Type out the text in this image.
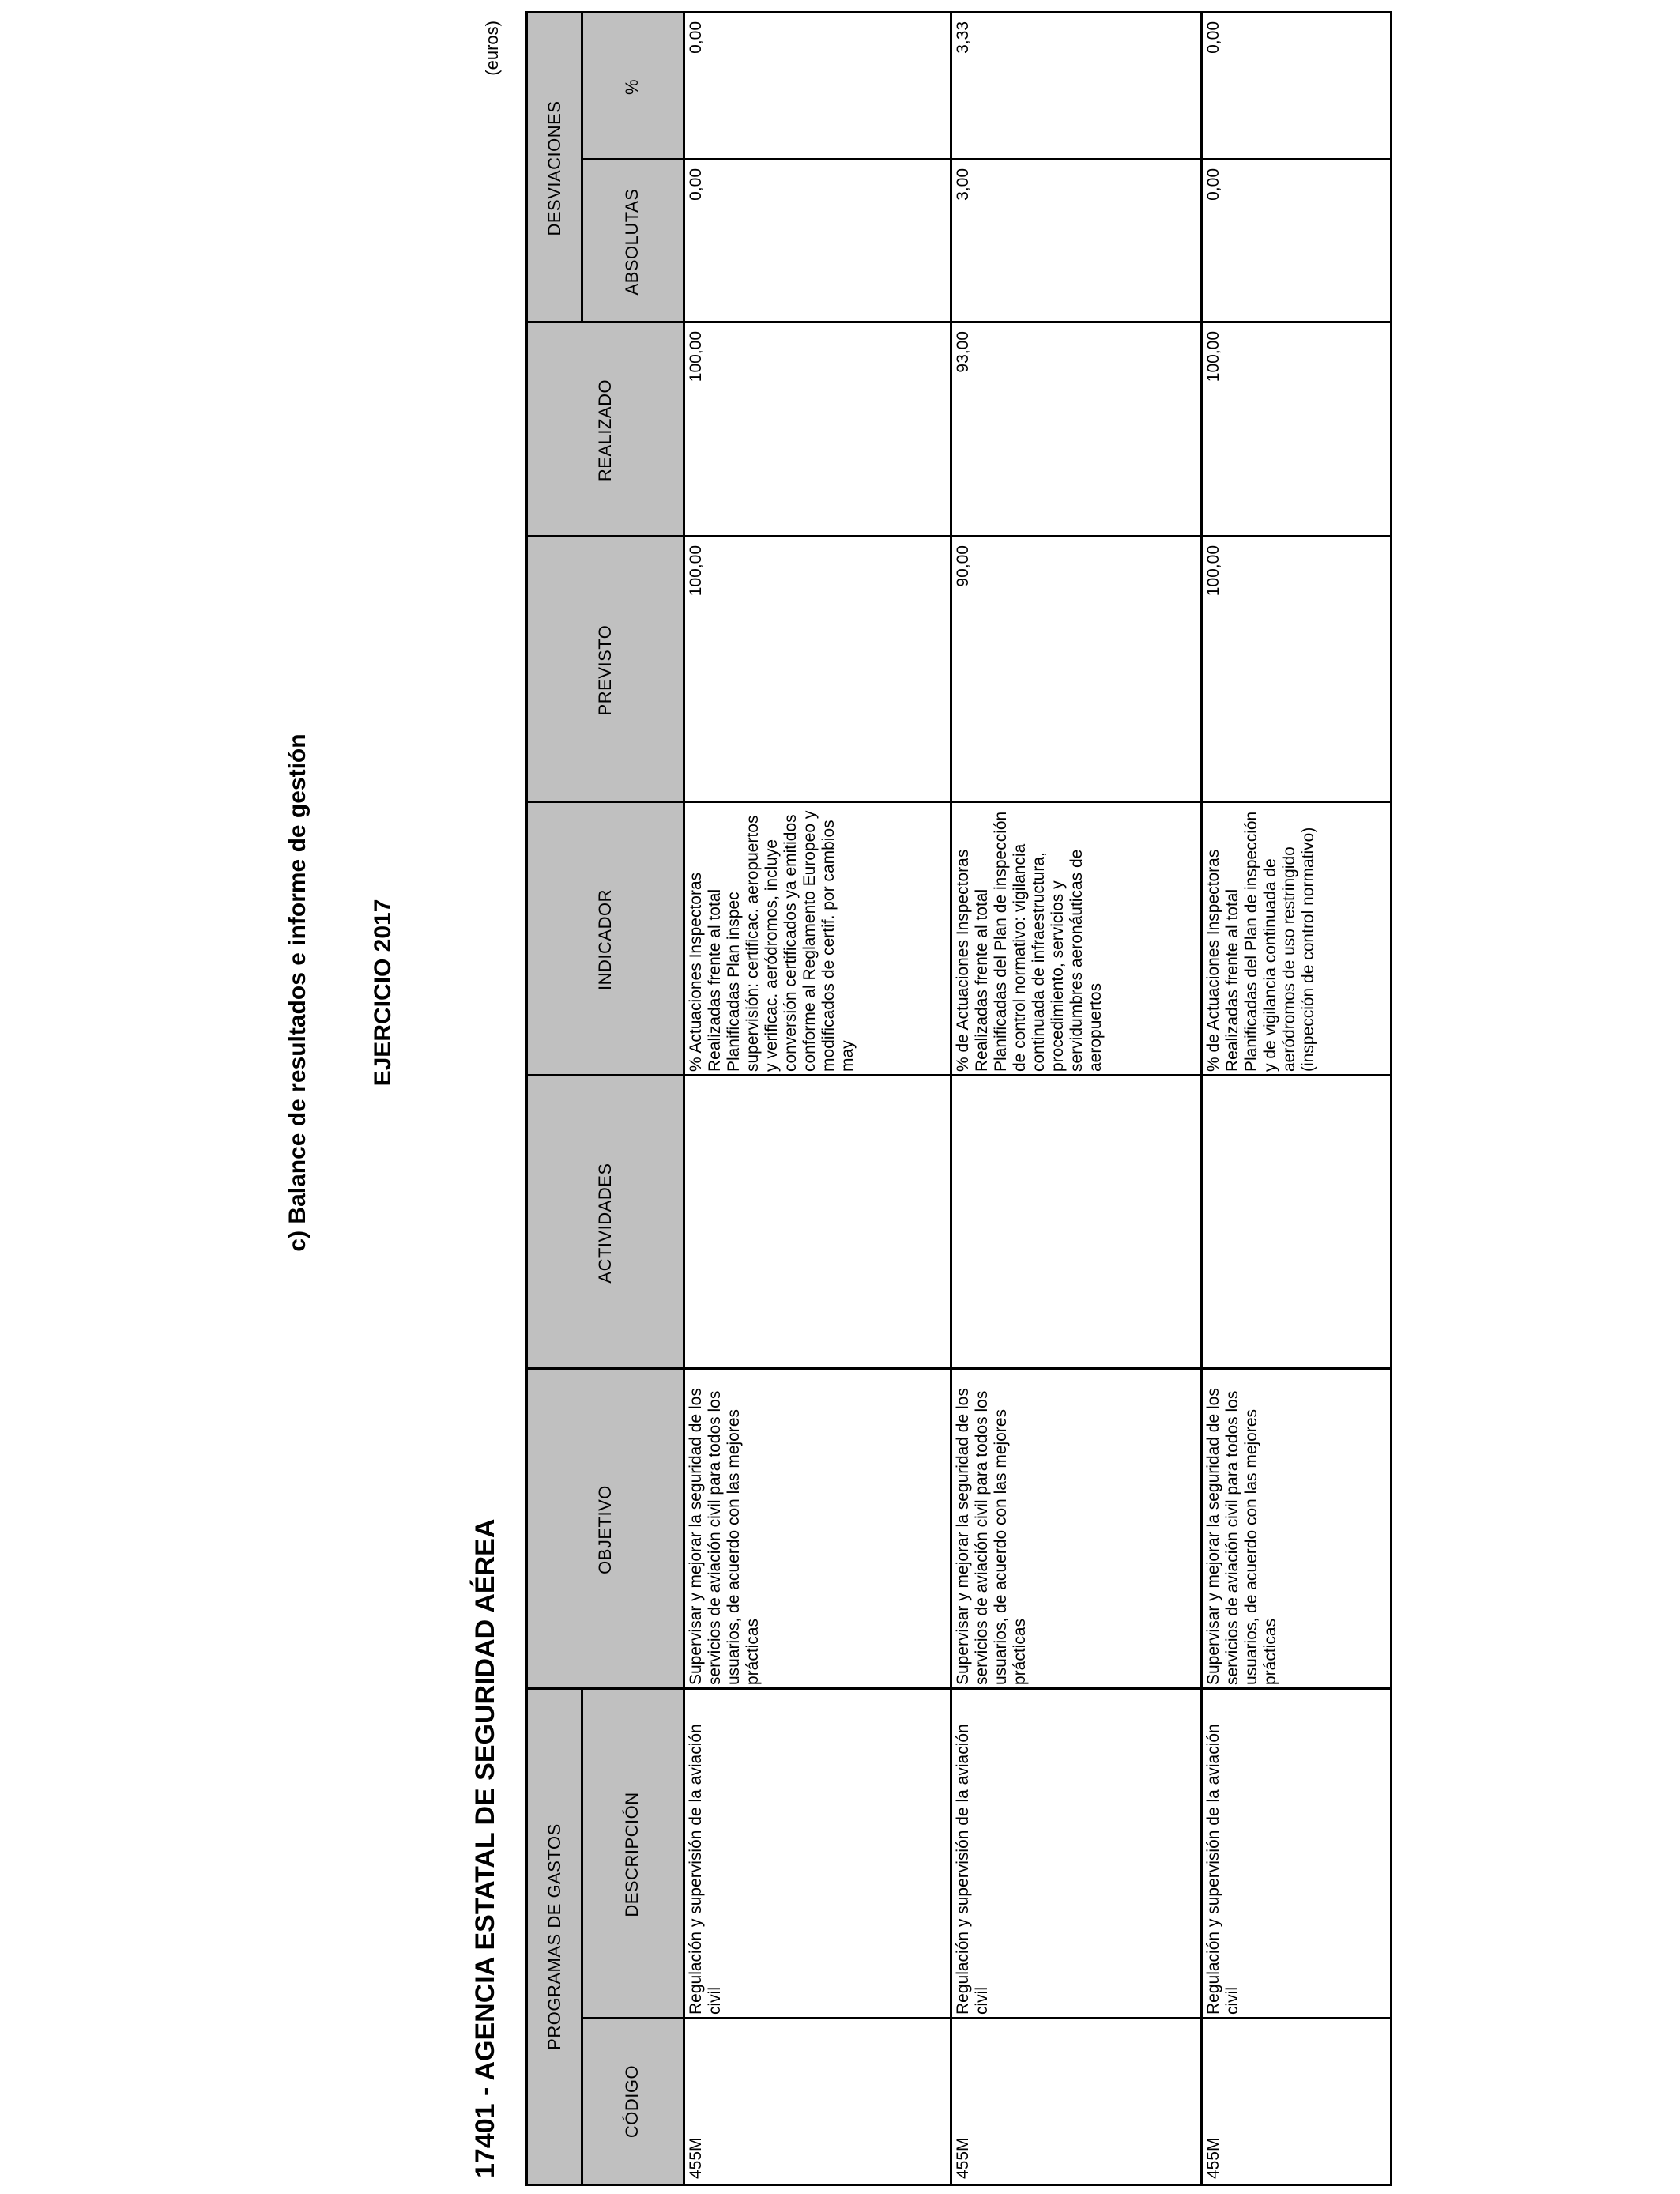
c) Balance de resultados e informe de gestión	EJERCICIO 2017
17401 - AGENCIA ESTATAL DE SEGURIDAD AÉREA
(euros)
PROGRAMAS DE GASTOS
DESVIACIONES
CÓDIGO
DESCRIPCIÓN
OBJETIVO
ACTIVIDADES
INDICADOR
PREVISTO
REALIZADO
ABSOLUTAS
%
455M
Regulación y supervisión de la aviación civil
Supervisar y mejorar la seguridad de los servicios de aviación civil para todos los usuarios, de acuerdo con las mejores prácticas
% Actuaciones Inspectoras Realizadas frente al total Planificadas Plan inspec supervisión: certificac. aeropuertos y verificac. aeródromos, incluye conversión certificados ya emitidos conforme al Reglamento Europeo y modificados de certif. por cambios may
100,00
100,00
0,00
0,00
455M
Regulación y supervisión de la aviación civil
Supervisar y mejorar la seguridad de los servicios de aviación civil para todos los usuarios, de acuerdo con las mejores prácticas
% de Actuaciones Inspectoras Realizadas frente al total Planificadas del Plan de inspección de control normativo: vigilancia continuada de infraestructura, procedimiento, servicios y servidumbres aeronáuticas de aeropuertos
90,00
93,00
3,00
3,33
455M
Regulación y supervisión de la aviación civil
Supervisar y mejorar la seguridad de los servicios de aviación civil para todos los usuarios, de acuerdo con las mejores prácticas
% de Actuaciones Inspectoras Realizadas frente al total Planificadas del Plan de inspección y de vigilancia continuada de aeródromos de uso restringido (inspección de control normativo)
100,00
100,00
0,00
0,00
